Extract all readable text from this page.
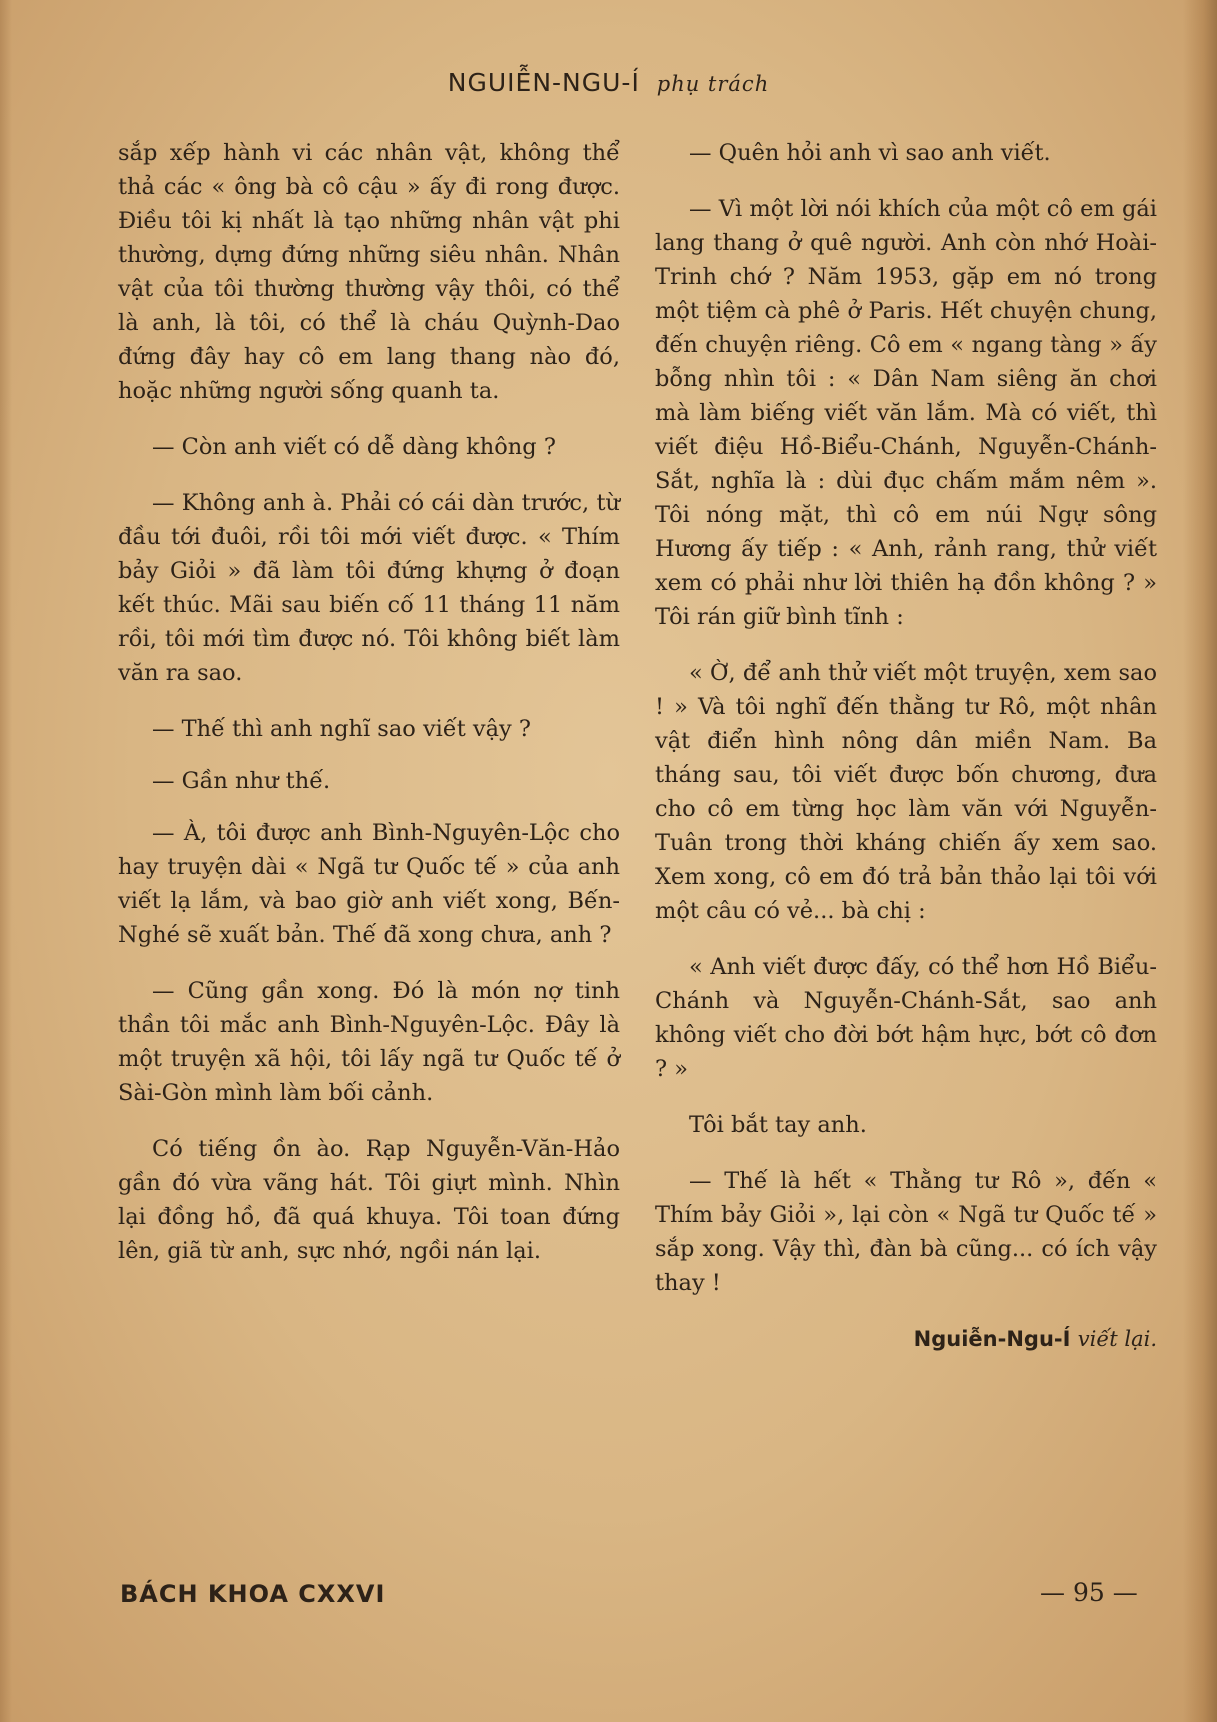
NGUIỄN-NGU-Í phụ trách

sắp xếp hành vi các nhân vật, không thể thả các « ông bà cô cậu » ấy đi rong được. Điều tôi kị nhất là tạo những nhân vật phi thường, dựng đứng những siêu nhân. Nhân vật của tôi thường thường vậy thôi, có thể là anh, là tôi, có thể là cháu Quỳnh-Dao đứng đây hay cô em lang thang nào đó, hoặc những người sống quanh ta.

— Còn anh viết có dễ dàng không ?

— Không anh à. Phải có cái dàn trước, từ đầu tới đuôi, rồi tôi mới viết được. « Thím bảy Giỏi » đã làm tôi đứng khựng ở đoạn kết thúc. Mãi sau biến cố 11 tháng 11 năm rồi, tôi mới tìm được nó. Tôi không biết làm văn ra sao.

— Thế thì anh nghĩ sao viết vậy ?

— Gần như thế.

— À, tôi được anh Bình-Nguyên-Lộc cho hay truyện dài « Ngã tư Quốc tế » của anh viết lạ lắm, và bao giờ anh viết xong, Bến-Nghé sẽ xuất bản. Thế đã xong chưa, anh ?

— Cũng gần xong. Đó là món nợ tinh thần tôi mắc anh Bình-Nguyên-Lộc. Đây là một truyện xã hội, tôi lấy ngã tư Quốc tế ở Sài-Gòn mình làm bối cảnh.

Có tiếng ồn ào. Rạp Nguyễn-Văn-Hảo gần đó vừa vãng hát. Tôi giựt mình. Nhìn lại đồng hồ, đã quá khuya. Tôi toan đứng lên, giã từ anh, sực nhớ, ngồi nán lại.

— Quên hỏi anh vì sao anh viết.

— Vì một lời nói khích của một cô em gái lang thang ở quê người. Anh còn nhớ Hoài-Trinh chớ ? Năm 1953, gặp em nó trong một tiệm cà phê ở Paris. Hết chuyện chung, đến chuyện riêng. Cô em « ngang tàng » ấy bỗng nhìn tôi : « Dân Nam siêng ăn chơi mà làm biếng viết văn lắm. Mà có viết, thì viết điệu Hồ-Biểu-Chánh, Nguyễn-Chánh-Sắt, nghĩa là : dùi đục chấm mắm nêm ». Tôi nóng mặt, thì cô em núi Ngự sông Hương ấy tiếp : « Anh, rảnh rang, thử viết xem có phải như lời thiên hạ đồn không ? » Tôi rán giữ bình tĩnh :

« Ờ, để anh thử viết một truyện, xem sao ! » Và tôi nghĩ đến thằng tư Rô, một nhân vật điển hình nông dân miền Nam. Ba tháng sau, tôi viết được bốn chương, đưa cho cô em từng học làm văn với Nguyễn-Tuân trong thời kháng chiến ấy xem sao. Xem xong, cô em đó trả bản thảo lại tôi với một câu có vẻ... bà chị :

« Anh viết được đấy, có thể hơn Hồ Biểu-Chánh và Nguyễn-Chánh-Sắt, sao anh không viết cho đời bớt hậm hực, bớt cô đơn ? »

Tôi bắt tay anh.

— Thế là hết « Thằng tư Rô », đến « Thím bảy Giỏi », lại còn « Ngã tư Quốc tế » sắp xong. Vậy thì, đàn bà cũng... có ích vậy thay !

Nguiễn-Ngu-Í viết lại.
BÁCH KHOA CXXVI	— 95 —
